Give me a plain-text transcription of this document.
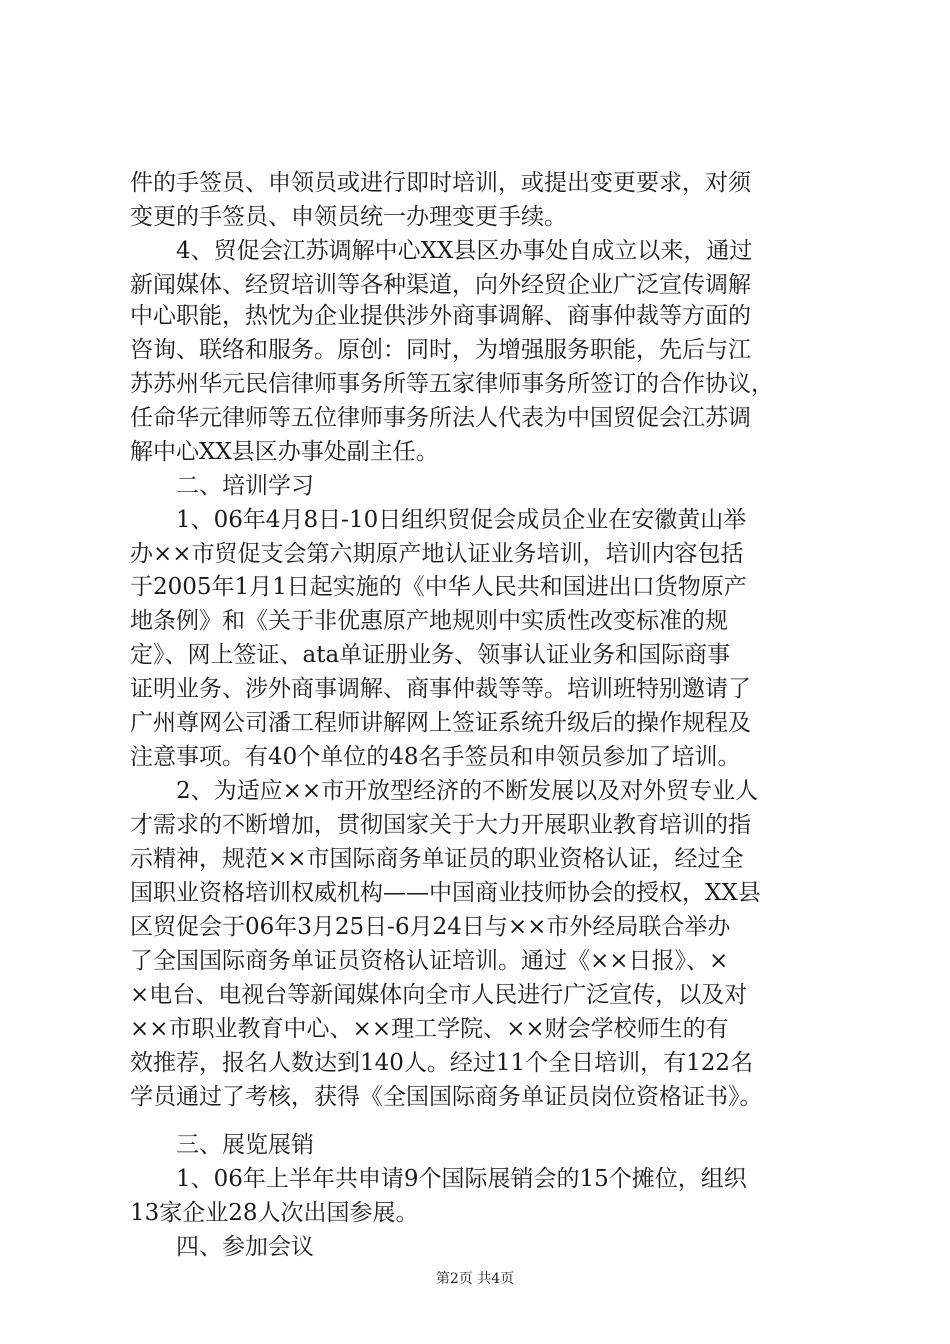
件的手签员、申领员或进行即时培训，或提出变更要求，对须
变更的手签员、申领员统一办理变更手续。
　　4、贸促会江苏调解中心XX县区办事处自成立以来，通过
新闻媒体、经贸培训等各种渠道，向外经贸企业广泛宣传调解
中心职能，热忱为企业提供涉外商事调解、商事仲裁等方面的
咨询、联络和服务。原创：同时，为增强服务职能，先后与江
苏苏州华元民信律师事务所等五家律师事务所签订的合作协议，
任命华元律师等五位律师事务所法人代表为中国贸促会江苏调
解中心XX县区办事处副主任。
　　二、培训学习
　　1、06年4月8日-10日组织贸促会成员企业在安徽黄山举
办××市贸促支会第六期原产地认证业务培训，培训内容包括
于2005年1月1日起实施的《中华人民共和国进出口货物原产
地条例》和《关于非优惠原产地规则中实质性改变标准的规
定》、网上签证、ata单证册业务、领事认证业务和国际商事
证明业务、涉外商事调解、商事仲裁等等。培训班特别邀请了
广州尊网公司潘工程师讲解网上签证系统升级后的操作规程及
注意事项。有40个单位的48名手签员和申领员参加了培训。
　　2、为适应××市开放型经济的不断发展以及对外贸专业人
才需求的不断增加，贯彻国家关于大力开展职业教育培训的指
示精神，规范××市国际商务单证员的职业资格认证，经过全
国职业资格培训权威机构——中国商业技师协会的授权，XX县
区贸促会于06年3月25日-6月24日与××市外经局联合举办
了全国国际商务单证员资格认证培训。通过《××日报》、×
×电台、电视台等新闻媒体向全市人民进行广泛宣传，以及对
××市职业教育中心、××理工学院、××财会学校师生的有
效推荐，报名人数达到140人。经过11个全日培训，有122名
学员通过了考核，获得《全国国际商务单证员岗位资格证书》。
　　三、展览展销
　　1、06年上半年共申请9个国际展销会的15个摊位，组织
13家企业28人次出国参展。
　　四、参加会议
第2页 共4页
